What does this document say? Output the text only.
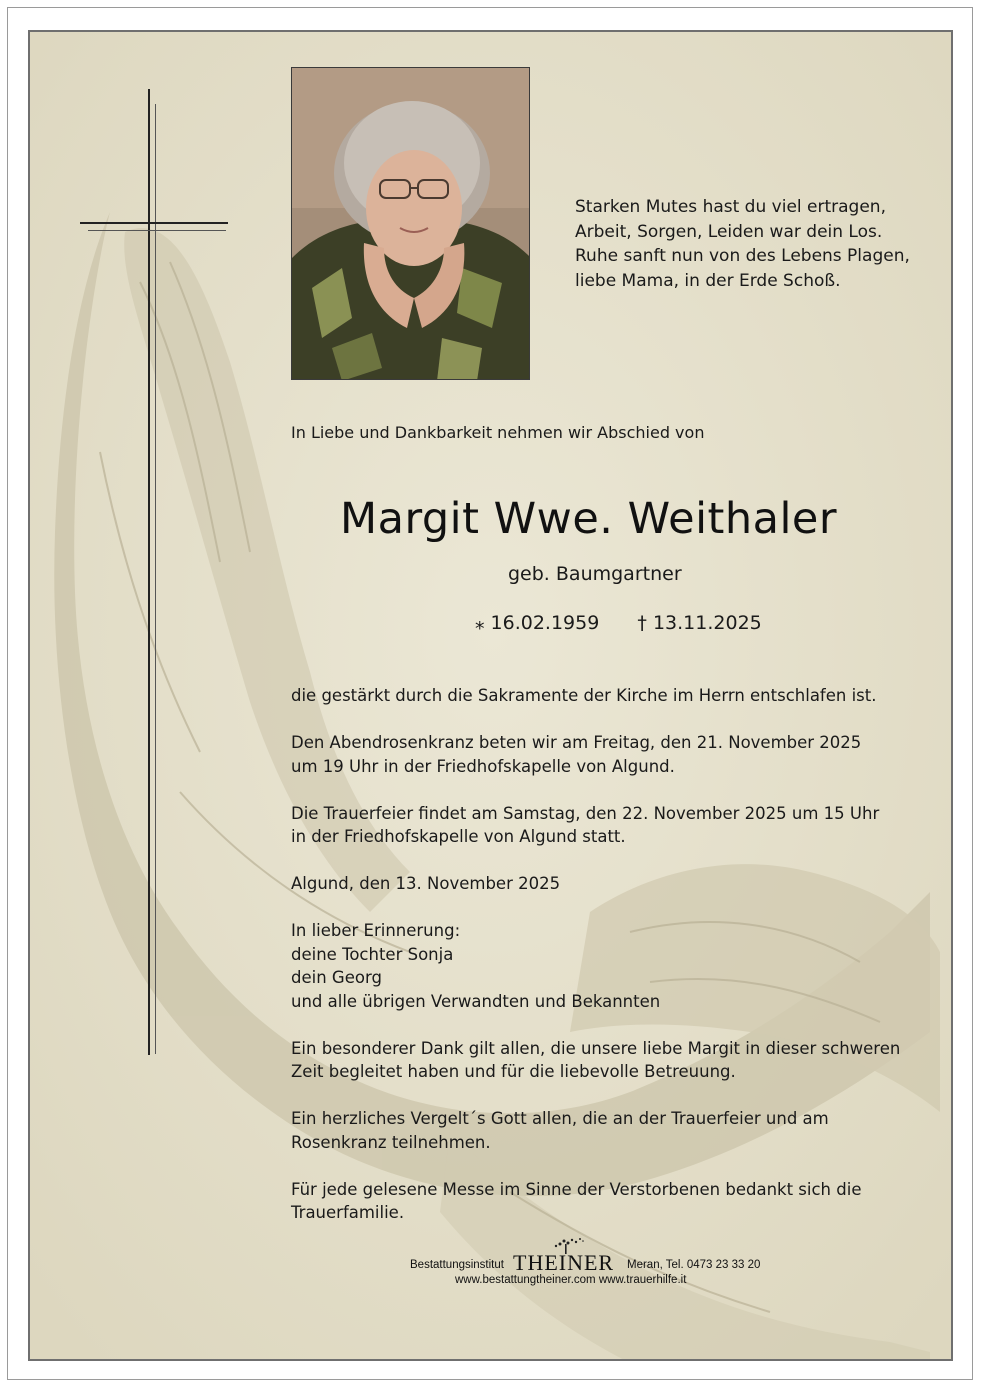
Starken Mutes hast du viel ertragen,
Arbeit, Sorgen, Leiden war dein Los.
Ruhe sanft nun von des Lebens Plagen,
liebe Mama, in der Erde Schoß.
In Liebe und Dankbarkeit nehmen wir Abschied von
Margit Wwe. Weithaler
geb. Baumgartner
⁎ 16.02.1959 † 13.11.2025
die gestärkt durch die Sakramente der Kirche im Herrn entschlafen ist.
Den Abendrosenkranz beten wir am Freitag, den 21. November 2025
um 19 Uhr in der Friedhofskapelle von Algund.
Die Trauerfeier findet am Samstag, den 22. November 2025 um 15 Uhr
in der Friedhofskapelle von Algund statt.
Algund, den 13. November 2025
In lieber Erinnerung:
deine Tochter Sonja
dein Georg
und alle übrigen Verwandten und Bekannten
Ein besonderer Dank gilt allen, die unsere liebe Margit in dieser schweren
Zeit begleitet haben und für die liebevolle Betreuung.
Ein herzliches Vergelt´s Gott allen, die an der Trauerfeier und am
Rosenkranz teilnehmen.
Für jede gelesene Messe im Sinne der Verstorbenen bedankt sich die
Trauerfamilie.
Bestattungsinstitut THEINER Meran, Tel. 0473 23 33 20
www.bestattungtheiner.com www.trauerhilfe.it
